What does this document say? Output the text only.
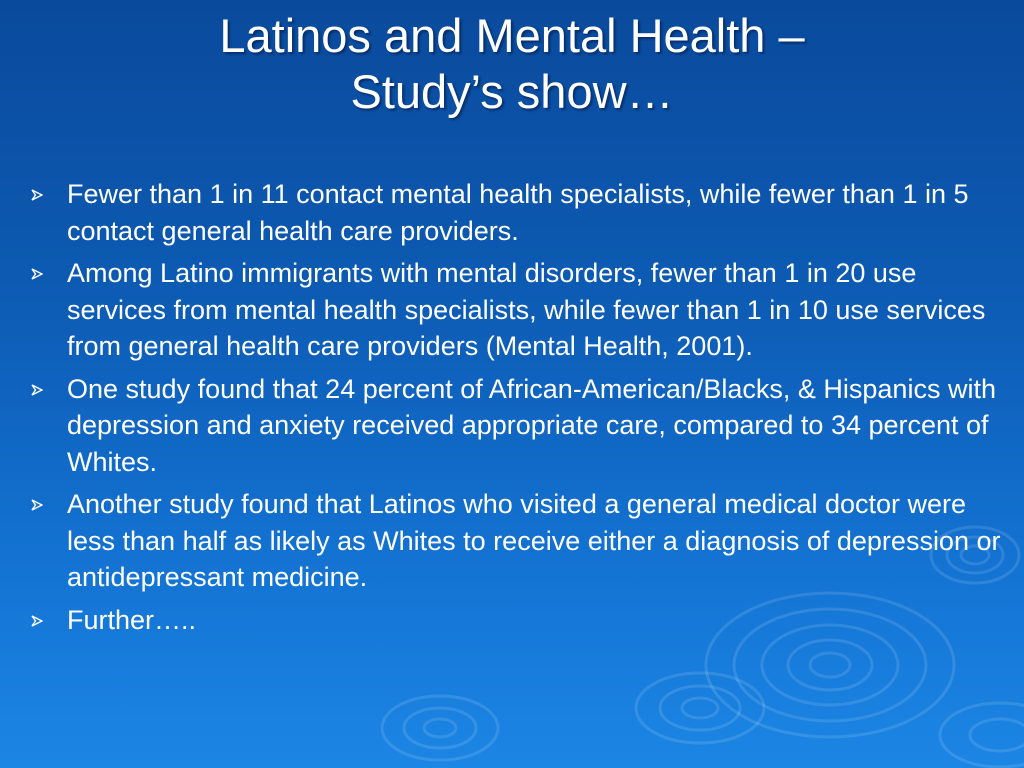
Latinos and Mental Health –
Study’s show…
Fewer than 1 in 11 contact mental health specialists, while fewer than 1 in 5 contact general health care providers.
Among Latino immigrants with mental disorders, fewer than 1 in 20 use services from mental health specialists, while fewer than 1 in 10 use services from general health care providers (Mental Health, 2001).
One study found that 24 percent of African-American/Blacks, & Hispanics with depression and anxiety received appropriate care, compared to 34 percent of Whites.
Another study found that Latinos who visited a general medical doctor were less than half as likely as Whites to receive either a diagnosis of depression or antidepressant medicine.
Further…..
